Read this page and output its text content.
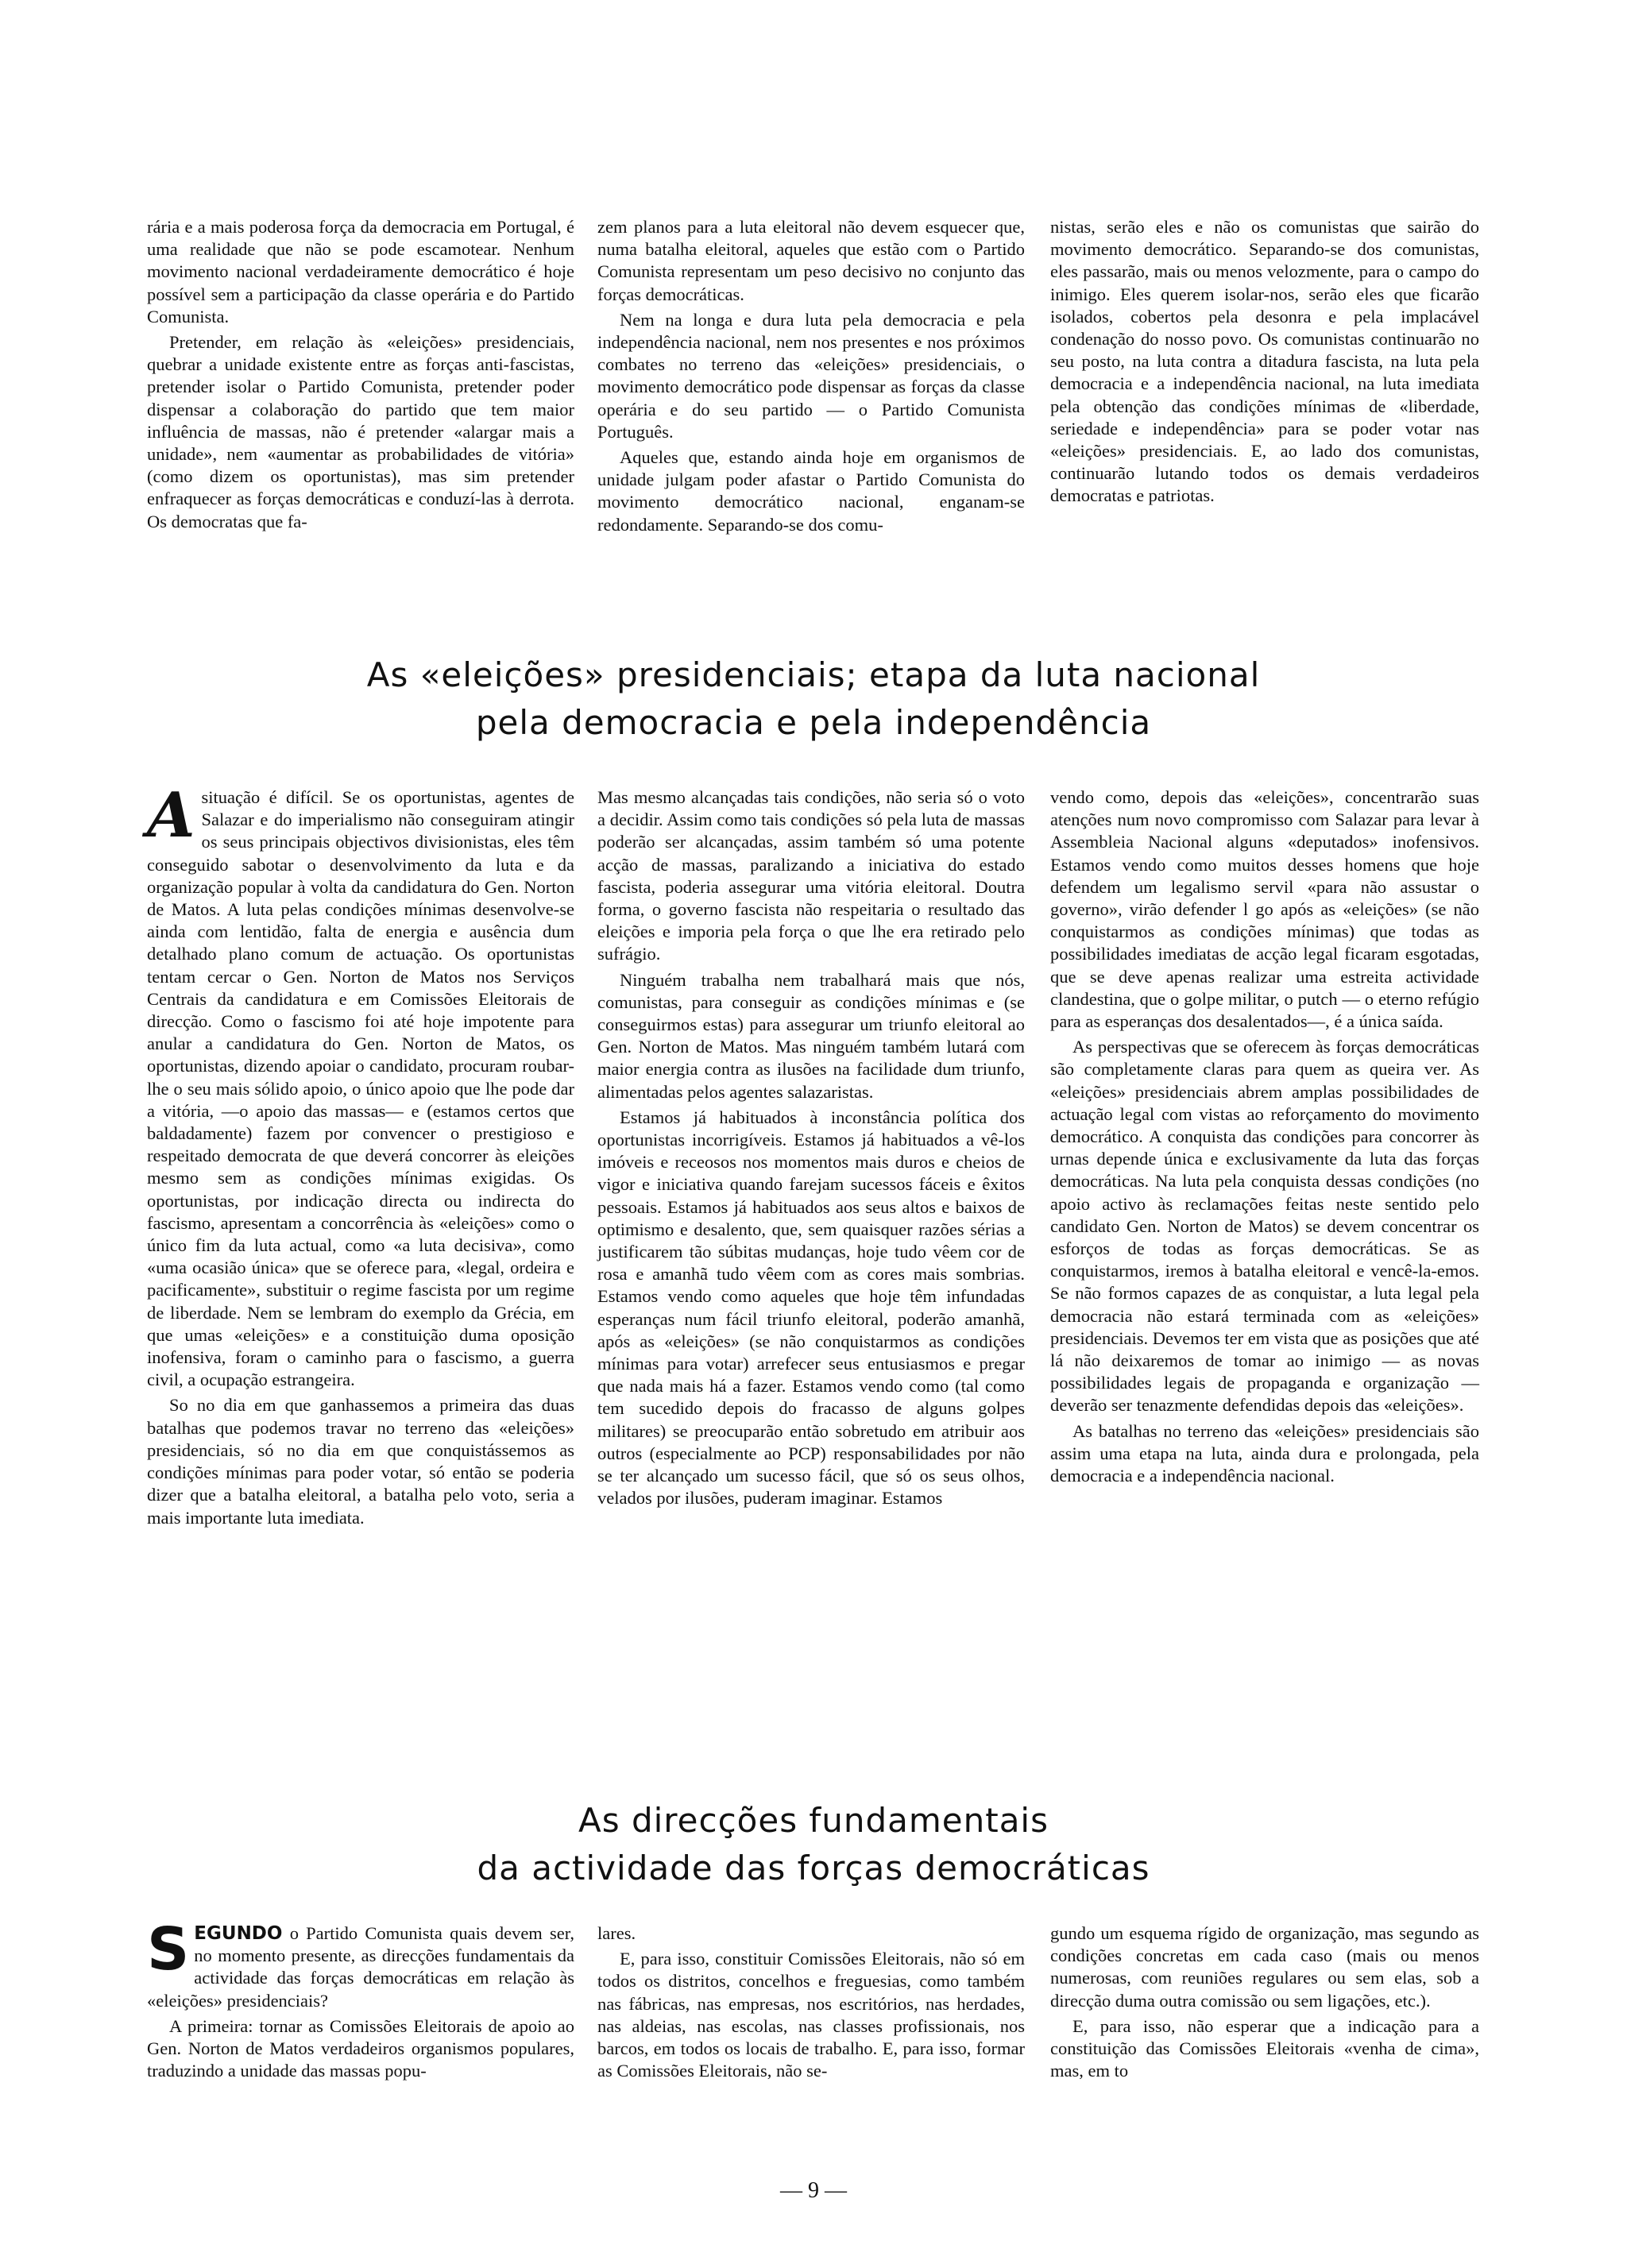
rária e a mais poderosa força da democracia em Portugal, é uma realidade que não se pode escamotear. Nenhum movimento nacional verdadeiramente democrático é hoje possível sem a participação da classe operária e do Partido Comunista.

Pretender, em relação às «eleições» presidenciais, quebrar a unidade existente entre as forças anti-fascistas, pretender isolar o Partido Comunista, pretender poder dispensar a colaboração do partido que tem maior influência de massas, não é pretender «alargar mais a unidade», nem «aumentar as probabilidades de vitória» (como dizem os oportunistas), mas sim pretender enfraquecer as forças democráticas e conduzí-las à derrota. Os democratas que fa-

zem planos para a luta eleitoral não devem esquecer que, numa batalha eleitoral, aqueles que estão com o Partido Comunista representam um peso decisivo no conjunto das forças democráticas.

Nem na longa e dura luta pela democracia e pela independência nacional, nem nos presentes e nos próximos combates no terreno das «eleições» presidenciais, o movimento democrático pode dispensar as forças da classe operária e do seu partido — o Partido Comunista Português.

Aqueles que, estando ainda hoje em organismos de unidade julgam poder afastar o Partido Comunista do movimento democrático nacional, enganam-se redondamente. Separando-se dos comu-

nistas, serão eles e não os comunistas que sairão do movimento democrático. Separando-se dos comunistas, eles passarão, mais ou menos velozmente, para o campo do inimigo. Eles querem isolar-nos, serão eles que ficarão isolados, cobertos pela desonra e pela implacável condenação do nosso povo. Os comunistas continuarão no seu posto, na luta contra a ditadura fascista, na luta pela democracia e a independência nacional, na luta imediata pela obtenção das condições mínimas de «liberdade, seriedade e independência» para se poder votar nas «eleições» presidenciais. E, ao lado dos comunistas, continuarão lutando todos os demais verdadeiros democratas e patriotas.

As «eleições» presidenciais; etapa da luta nacional
pela democracia e pela independência

Asituação é difícil. Se os oportunistas, agentes de Salazar e do imperialismo não conseguiram atingir os seus principais objectivos divisionistas, eles têm conseguido sabotar o desenvolvimento da luta e da organização popular à volta da candidatura do Gen. Norton de Matos. A luta pelas condições mínimas desenvolve-se ainda com lentidão, falta de energia e ausência dum detalhado plano comum de actuação. Os oportunistas tentam cercar o Gen. Norton de Matos nos Serviços Centrais da candidatura e em Comissões Eleitorais de direcção. Como o fascismo foi até hoje impotente para anular a candidatura do Gen. Norton de Matos, os oportunistas, dizendo apoiar o candidato, procuram roubar-lhe o seu mais sólido apoio, o único apoio que lhe pode dar a vitória, —o apoio das massas— e (estamos certos que baldadamente) fazem por convencer o prestigioso e respeitado democrata de que deverá concorrer às eleições mesmo sem as condições mínimas exigidas. Os oportunistas, por indicação directa ou indirecta do fascismo, apresentam a concorrência às «eleições» como o único fim da luta actual, como «a luta decisiva», como «uma ocasião única» que se oferece para, «legal, ordeira e pacificamente», substituir o regime fascista por um regime de liberdade. Nem se lembram do exemplo da Grécia, em que umas «eleições» e a constituição duma oposição inofensiva, foram o caminho para o fascismo, a guerra civil, a ocupação estrangeira.

So no dia em que ganhassemos a primeira das duas batalhas que podemos travar no terreno das «eleições» presidenciais, só no dia em que conquistássemos as condições mínimas para poder votar, só então se poderia dizer que a batalha eleitoral, a batalha pelo voto, seria a mais importante luta imediata.

Mas mesmo alcançadas tais condições, não seria só o voto a decidir. Assim como tais condições só pela luta de massas poderão ser alcançadas, assim também só uma potente acção de massas, paralizando a iniciativa do estado fascista, poderia assegurar uma vitória eleitoral. Doutra forma, o governo fascista não respeitaria o resultado das eleições e imporia pela força o que lhe era retirado pelo sufrágio.

Ninguém trabalha nem trabalhará mais que nós, comunistas, para conseguir as condições mínimas e (se conseguirmos estas) para assegurar um triunfo eleitoral ao Gen. Norton de Matos. Mas ninguém também lutará com maior energia contra as ilusões na facilidade dum triunfo, alimentadas pelos agentes salazaristas.

Estamos já habituados à inconstância política dos oportunistas incorrigíveis. Estamos já habituados a vê-los imóveis e receosos nos momentos mais duros e cheios de vigor e iniciativa quando farejam sucessos fáceis e êxitos pessoais. Estamos já habituados aos seus altos e baixos de optimismo e desalento, que, sem quaisquer razões sérias a justificarem tão súbitas mudanças, hoje tudo vêem cor de rosa e amanhã tudo vêem com as cores mais sombrias. Estamos vendo como aqueles que hoje têm infundadas esperanças num fácil triunfo eleitoral, poderão amanhã, após as «eleições» (se não conquistarmos as condições mínimas para votar) arrefecer seus entusiasmos e pregar que nada mais há a fazer. Estamos vendo como (tal como tem sucedido depois do fracasso de alguns golpes militares) se preocuparão então sobretudo em atribuir aos outros (especialmente ao PCP) responsabilidades por não se ter alcançado um sucesso fácil, que só os seus olhos, velados por ilusões, puderam imaginar. Estamos

vendo como, depois das «eleições», concentrarão suas atenções num novo compromisso com Salazar para levar à Assembleia Nacional alguns «deputados» inofensivos. Estamos vendo como muitos desses homens que hoje defendem um legalismo servil «para não assustar o governo», virão defender l go após as «eleições» (se não conquistarmos as condições mínimas) que todas as possibilidades imediatas de acção legal ficaram esgotadas, que se deve apenas realizar uma estreita actividade clandestina, que o golpe militar, o putch — o eterno refúgio para as esperanças dos desalentados—, é a única saída.

As perspectivas que se oferecem às forças democráticas são completamente claras para quem as queira ver. As «eleições» presidenciais abrem amplas possibilidades de actuação legal com vistas ao reforçamento do movimento democrático. A conquista das condições para concorrer às urnas depende única e exclusivamente da luta das forças democráticas. Na luta pela conquista dessas condições (no apoio activo às reclamações feitas neste sentido pelo candidato Gen. Norton de Matos) se devem concentrar os esforços de todas as forças democráticas. Se as conquistarmos, iremos à batalha eleitoral e vencê-la-emos. Se não formos capazes de as conquistar, a luta legal pela democracia não estará terminada com as «eleições» presidenciais. Devemos ter em vista que as posições que até lá não deixaremos de tomar ao inimigo — as novas possibilidades legais de propaganda e organização — deverão ser tenazmente defendidas depois das «eleições».

As batalhas no terreno das «eleições» presidenciais são assim uma etapa na luta, ainda dura e prolongada, pela democracia e a independência nacional.

As direcções fundamentais
da actividade das forças democráticas

SEGUNDO o Partido Comunista quais devem ser, no momento presente, as direcções fundamentais da actividade das forças democráticas em relação às «eleições» presidenciais?

A primeira: tornar as Comissões Eleitorais de apoio ao Gen. Norton de Matos verdadeiros organismos populares, traduzindo a unidade das massas popu-

lares.

E, para isso, constituir Comissões Eleitorais, não só em todos os distritos, concelhos e freguesias, como também nas fábricas, nas empresas, nos escritórios, nas herdades, nas aldeias, nas escolas, nas classes profissionais, nos barcos, em todos os locais de trabalho. E, para isso, formar as Comissões Eleitorais, não se-

gundo um esquema rígido de organização, mas segundo as condições concretas em cada caso (mais ou menos numerosas, com reuniões regulares ou sem elas, sob a direcção duma outra comissão ou sem ligações, etc.).

E, para isso, não esperar que a indicação para a constituição das Comissões Eleitorais «venha de cima», mas, em to

— 9 —
